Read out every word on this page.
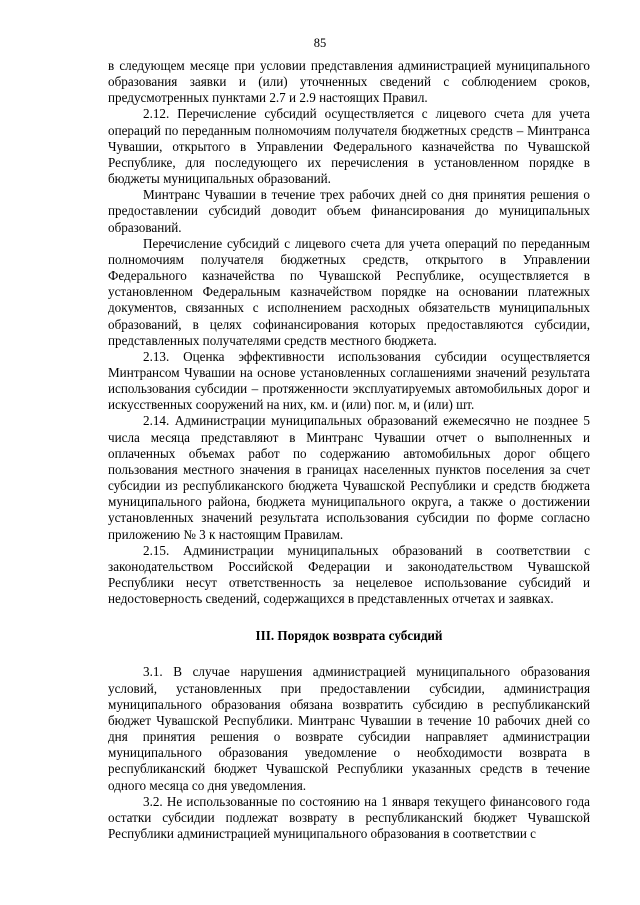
85

в следующем месяце при условии представления администрацией муниципального образования заявки и (или) уточненных сведений с соблюдением сроков, предусмотренных пунктами 2.7 и 2.9 настоящих Правил.

2.12. Перечисление субсидий осуществляется с лицевого счета для учета операций по переданным полномочиям получателя бюджетных средств – Минтранса Чувашии, открытого в Управлении Федерального казначейства по Чувашской Республике, для последующего их перечисления в установленном порядке в бюджеты муниципальных образований.

Минтранс Чувашии в течение трех рабочих дней со дня принятия решения о предоставлении субсидий доводит объем финансирования до муниципальных образований.

Перечисление субсидий с лицевого счета для учета операций по переданным полномочиям получателя бюджетных средств, открытого в Управлении Федерального казначейства по Чувашской Республике, осуществляется в установленном Федеральным казначейством порядке на основании платежных документов, связанных с исполнением расходных обязательств муниципальных образований, в целях софинансирования которых предоставляются субсидии, представленных получателями средств местного бюджета.

2.13. Оценка эффективности использования субсидии осуществляется Минтрансом Чувашии на основе установленных соглашениями значений результата использования субсидии – протяженности эксплуатируемых автомобильных дорог и искусственных сооружений на них, км. и (или) пог. м, и (или) шт.

2.14. Администрации муниципальных образований ежемесячно не позднее 5 числа месяца представляют в Минтранс Чувашии отчет о выполненных и оплаченных объемах работ по содержанию автомобильных дорог общего пользования местного значения в границах населенных пунктов поселения за счет субсидии из республиканского бюджета Чувашской Республики и средств бюджета муниципального района, бюджета муниципального округа, а также о достижении установленных значений результата использования субсидии по форме согласно приложению № 3 к настоящим Правилам.

2.15. Администрации муниципальных образований в соответствии с законодательством Российской Федерации и законодательством Чувашской Республики несут ответственность за нецелевое использование субсидий и недостоверность сведений, содержащихся в представленных отчетах и заявках.

III. Порядок возврата субсидий

3.1. В случае нарушения администрацией муниципального образования условий, установленных при предоставлении субсидии, администрация муниципального образования обязана возвратить субсидию в республиканский бюджет Чувашской Республики. Минтранс Чувашии в течение 10 рабочих дней со дня принятия решения о возврате субсидии направляет администрации муниципального образования уведомление о необходимости возврата в республиканский бюджет Чувашской Республики указанных средств в течение одного месяца со дня уведомления.

3.2. Не использованные по состоянию на 1 января текущего финансового года остатки субсидии подлежат возврату в республиканский бюджет Чувашской Республики администрацией муниципального образования в соответствии с
